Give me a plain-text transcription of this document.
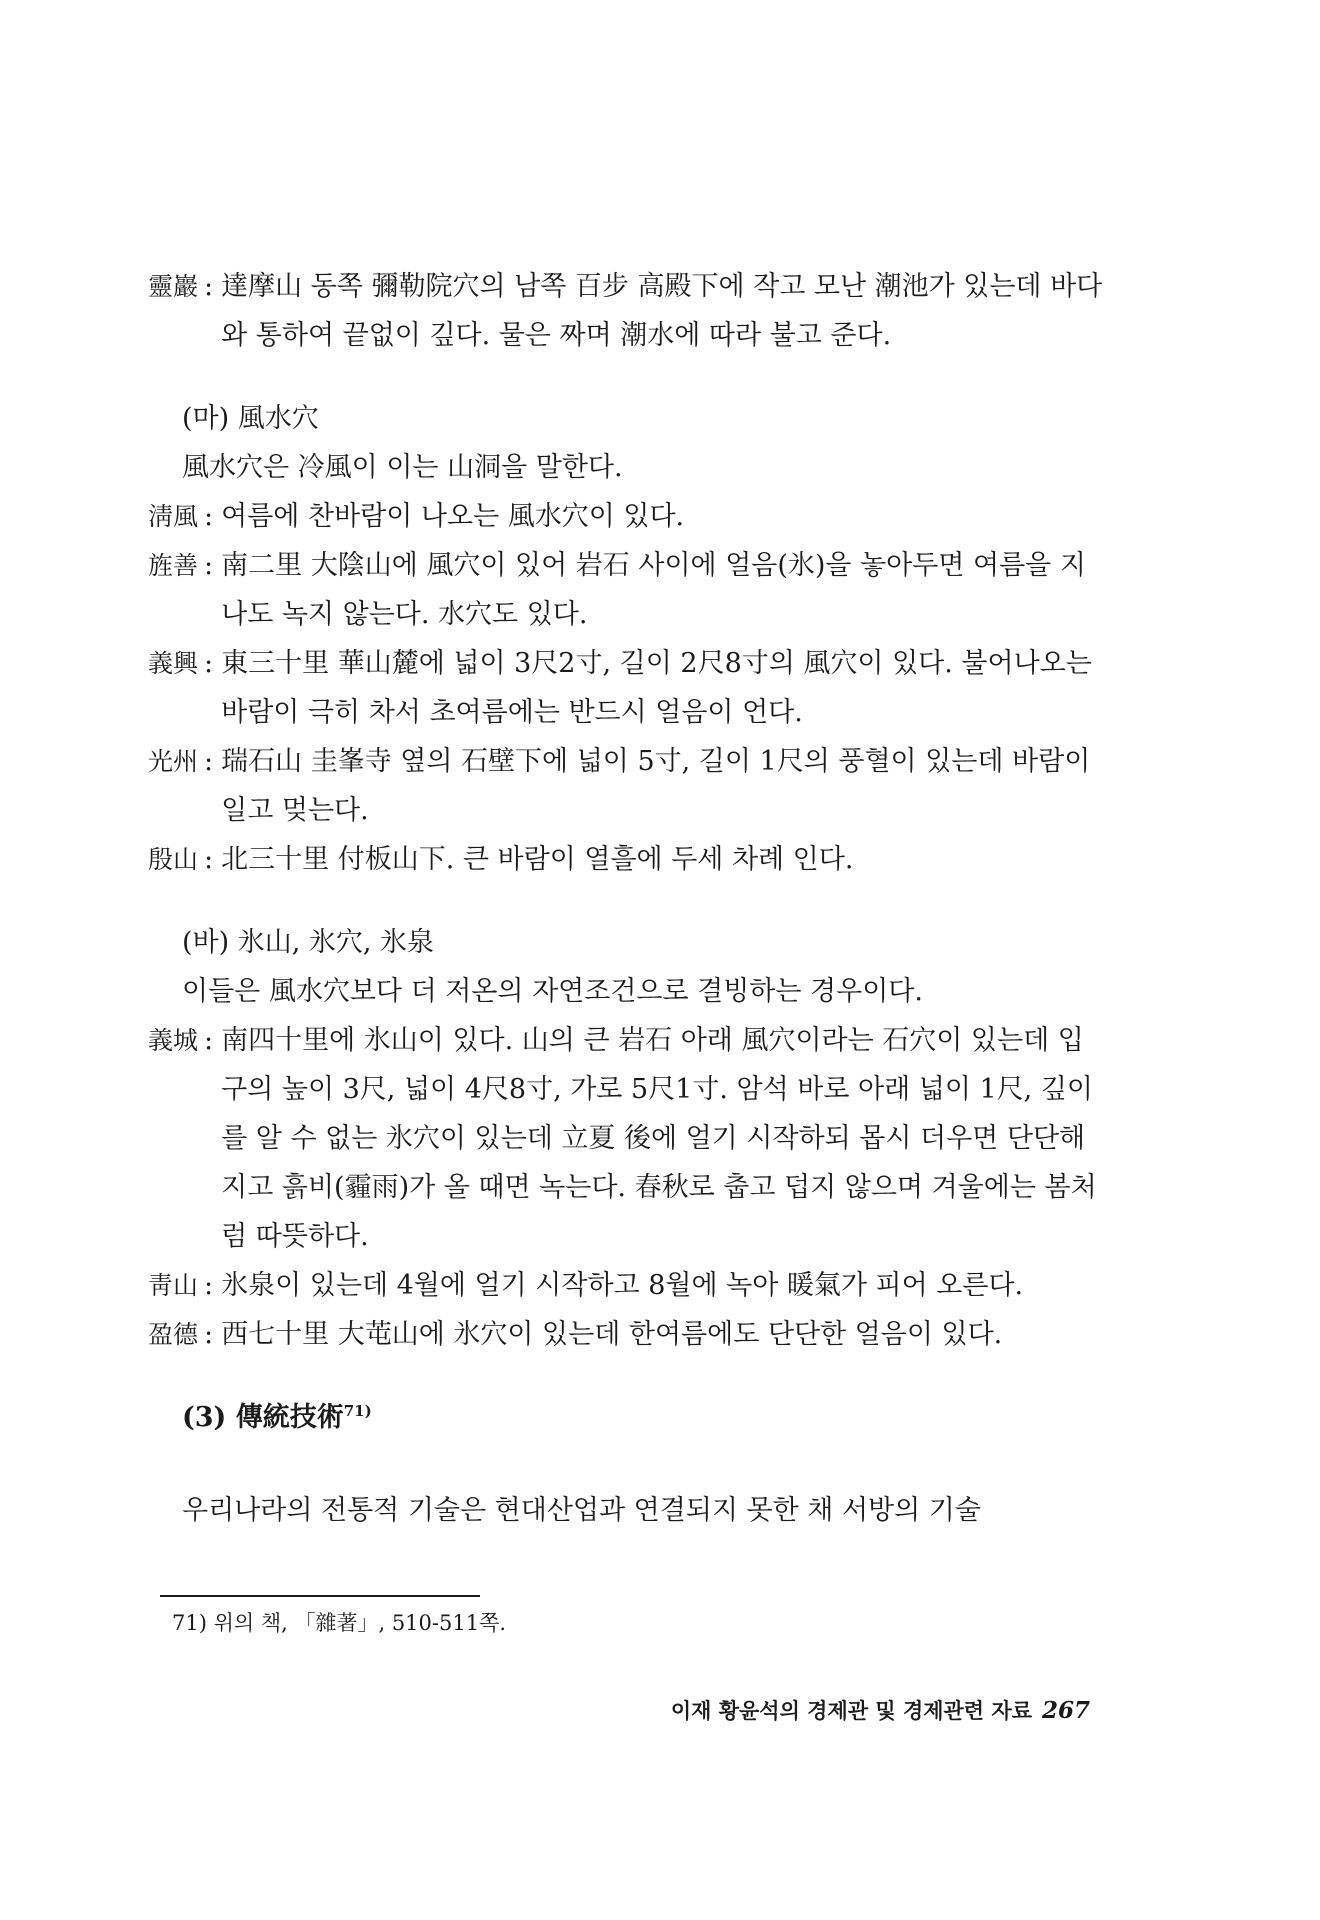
靈巖 : 達摩山 동쪽 彌勒院穴의 남쪽 百步 高殿下에 작고 모난 潮池가 있는데 바다와 통하여 끝없이 깊다. 물은 짜며 潮水에 따라 불고 준다.
(마) 風水穴
風水穴은 冷風이 이는 山洞을 말한다.
淸風 : 여름에 찬바람이 나오는 風水穴이 있다.
旌善 : 南二里 大陰山에 風穴이 있어 岩石 사이에 얼음(氷)을 놓아두면 여름을 지나도 녹지 않는다. 水穴도 있다.
義興 : 東三十里 華山麓에 넓이 3尺2寸, 길이 2尺8寸의 風穴이 있다. 불어나오는 바람이 극히 차서 초여름에는 반드시 얼음이 언다.
光州 : 瑞石山 圭峯寺 옆의 石壁下에 넓이 5寸, 길이 1尺의 풍혈이 있는데 바람이 일고 멎는다.
殷山 : 北三十里 付板山下. 큰 바람이 열흘에 두세 차례 인다.
(바) 氷山, 氷穴, 氷泉
이들은 風水穴보다 더 저온의 자연조건으로 결빙하는 경우이다.
義城 : 南四十里에 氷山이 있다. 山의 큰 岩石 아래 風穴이라는 石穴이 있는데 입구의 높이 3尺, 넓이 4尺8寸, 가로 5尺1寸. 암석 바로 아래 넓이 1尺, 깊이를 알 수 없는 氷穴이 있는데 立夏 後에 얼기 시작하되 몹시 더우면 단단해지고 흙비(霾雨)가 올 때면 녹는다. 春秋로 춥고 덥지 않으며 겨울에는 봄처럼 따뜻하다.
靑山 : 氷泉이 있는데 4월에 얼기 시작하고 8월에 녹아 暖氣가 피어 오른다.
盈德 : 西七十里 大芚山에 氷穴이 있는데 한여름에도 단단한 얼음이 있다.
(3) 傳統技術$^{71)}$
우리나라의 전통적 기술은 현대산업과 연결되지 못한 채 서방의 기술
71) 위의 책, 「雜著」, 510-511쪽.
이재 황윤석의 경제관 및 경제관련 자료 267
